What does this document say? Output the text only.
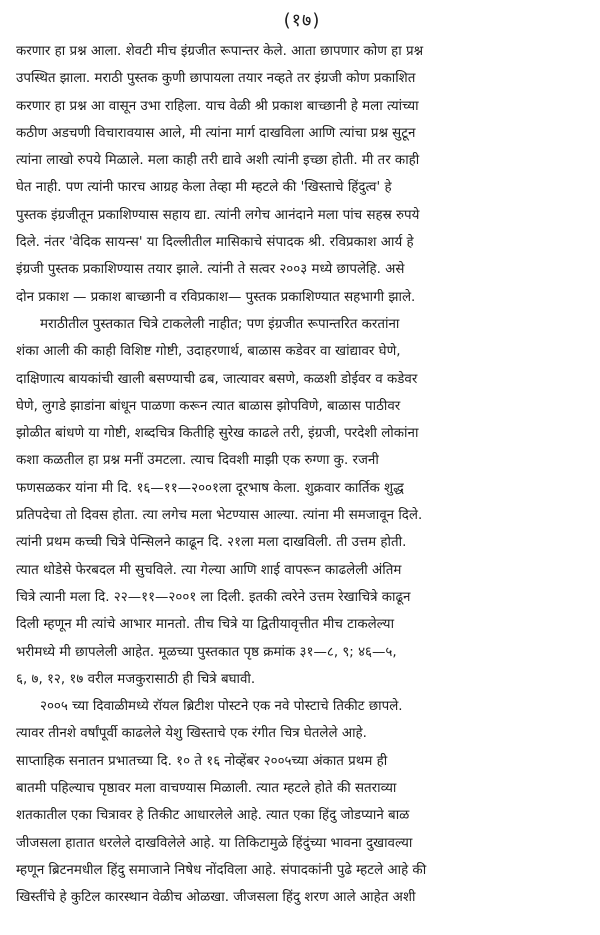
(१७)
करणार हा प्रश्न आला. शेवटी मीच इंग्रजीत रूपान्तर केले. आता छापणार कोण हा प्रश्न
उपस्थित झाला. मराठी पुस्तक कुणी छापायला तयार नव्हते तर इंग्रजी कोण प्रकाशित
करणार हा प्रश्न आ वासून उभा राहिला. याच वेळी श्री प्रकाश बाच्छानी हे मला त्यांच्या
कठीण अडचणी विचारावयास आले, मी त्यांना मार्ग दाखविला आणि त्यांचा प्रश्न सुटून
त्यांना लाखो रुपये मिळाले. मला काही तरी द्यावे अशी त्यांनी इच्छा होती. मी तर काही
घेत नाही. पण त्यांनी फारच आग्रह केला तेव्हा मी म्हटले की 'खिस्ताचे हिंदुत्व' हे
पुस्तक इंग्रजीतून प्रकाशिण्यास सहाय द्या. त्यांनी लगेच आनंदाने मला पांच सहस्र रुपये
दिले. नंतर 'वेदिक सायन्स' या दिल्लीतील मासिकाचे संपादक श्री. रविप्रकाश आर्य हे
इंग्रजी पुस्तक प्रकाशिण्यास तयार झाले. त्यांनी ते सत्वर २००३ मध्ये छापलेहि. असे
दोन प्रकाश — प्रकाश बाच्छानी व रविप्रकाश— पुस्तक प्रकाशिण्यात सहभागी झाले.
मराठीतील पुस्तकात चित्रे टाकलेली नाहीत; पण इंग्रजीत रूपान्तरित करतांना
शंका आली की काही विशिष्ट गोष्टी, उदाहरणार्थ, बाळास कडेवर वा खांद्यावर घेणे,
दाक्षिणात्य बायकांची खाली बसण्याची ढब, जात्यावर बसणे, कळशी डोईवर व कडेवर
घेणे, लुगडे झाडांना बांधून पाळणा करून त्यात बाळास झोपविणे, बाळास पाठीवर
झोळीत बांधणे या गोष्टी, शब्दचित्र कितीहि सुरेख काढले तरी, इंग्रजी, परदेशी लोकांना
कशा कळतील हा प्रश्न मनीं उमटला. त्याच दिवशी माझी एक रुग्णा कु. रजनी
फणसळकर यांना मी दि. १६—११—२००१ला दूरभाष केला. शुक्रवार कार्तिक शुद्ध
प्रतिपदेचा तो दिवस होता. त्या लगेच मला भेटण्यास आल्या. त्यांना मी समजावून दिले.
त्यांनी प्रथम कच्ची चित्रे पेन्सिलने काढून दि. २१ला मला दाखविली. ती उत्तम होती.
त्यात थोडेसे फेरबदल मी सुचविले. त्या गेल्या आणि शाई वापरून काढलेली अंतिम
चित्रे त्यानी मला दि. २२—११—२००१ ला दिली. इतकी त्वरेने उत्तम रेखाचित्रे काढून
दिली म्हणून मी त्यांचे आभार मानतो. तीच चित्रे या द्वितीयावृत्तीत मीच टाकलेल्या
भरीमध्ये मी छापलेली आहेत. मूळच्या पुस्तकात पृष्ठ क्रमांक ३१—८, ९; ४६—५,
६, ७, १२, १७ वरील मजकुरासाठी ही चित्रे बघावी.
२००५ च्या दिवाळीमध्ये रॉयल ब्रिटीश पोस्टने एक नवे पोस्टाचे तिकीट छापले.
त्यावर तीनशे वर्षांपूर्वी काढलेले येशु खिस्ताचे एक रंगीत चित्र घेतलेले आहे.
साप्ताहिक सनातन प्रभातच्या दि. १० ते १६ नोव्हेंबर २००५च्या अंकात प्रथम ही
बातमी पहिल्याच पृष्ठावर मला वाचण्यास मिळाली. त्यात म्हटले होते की सतराव्या
शतकातील एका चित्रावर हे तिकीट आधारलेले आहे. त्यात एका हिंदु जोडप्याने बाळ
जीजसला हातात धरलेले दाखविलेले आहे. या तिकिटामुळे हिंदुंच्या भावना दुखावल्या
म्हणून ब्रिटनमधील हिंदु समाजाने निषेध नोंदविला आहे. संपादकांनी पुढे म्हटले आहे की
खिस्तींचे हे कुटिल कारस्थान वेळीच ओळखा. जीजसला हिंदु शरण आले आहेत अशी
